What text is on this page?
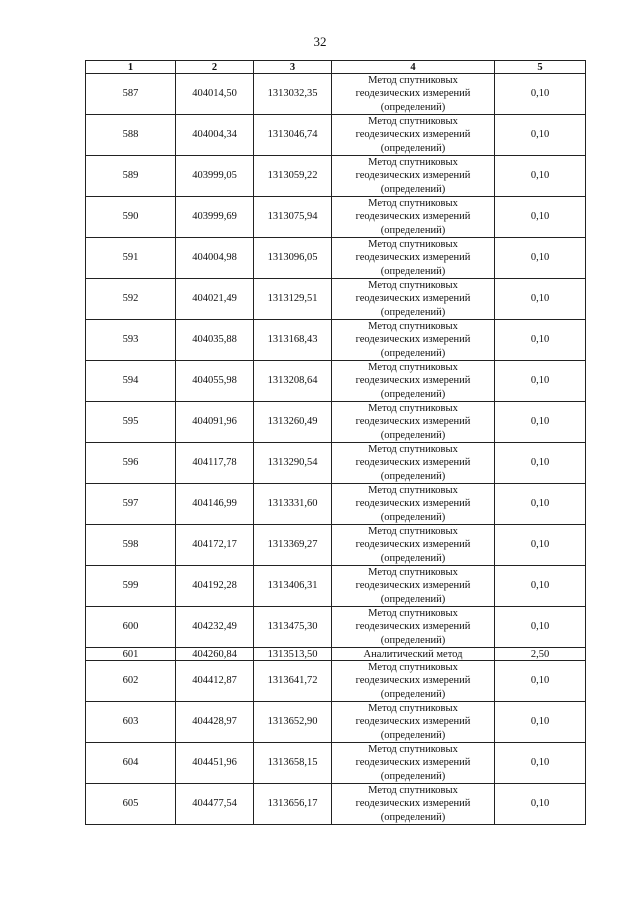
32
1	2	3	4	5
587	404014,50	1313032,35	Метод спутниковых
геодезических измерений
(определений)	0,10
588	404004,34	1313046,74	Метод спутниковых
геодезических измерений
(определений)	0,10
589	403999,05	1313059,22	Метод спутниковых
геодезических измерений
(определений)	0,10
590	403999,69	1313075,94	Метод спутниковых
геодезических измерений
(определений)	0,10
591	404004,98	1313096,05	Метод спутниковых
геодезических измерений
(определений)	0,10
592	404021,49	1313129,51	Метод спутниковых
геодезических измерений
(определений)	0,10
593	404035,88	1313168,43	Метод спутниковых
геодезических измерений
(определений)	0,10
594	404055,98	1313208,64	Метод спутниковых
геодезических измерений
(определений)	0,10
595	404091,96	1313260,49	Метод спутниковых
геодезических измерений
(определений)	0,10
596	404117,78	1313290,54	Метод спутниковых
геодезических измерений
(определений)	0,10
597	404146,99	1313331,60	Метод спутниковых
геодезических измерений
(определений)	0,10
598	404172,17	1313369,27	Метод спутниковых
геодезических измерений
(определений)	0,10
599	404192,28	1313406,31	Метод спутниковых
геодезических измерений
(определений)	0,10
600	404232,49	1313475,30	Метод спутниковых
геодезических измерений
(определений)	0,10
601	404260,84	1313513,50	Аналитический метод	2,50
602	404412,87	1313641,72	Метод спутниковых
геодезических измерений
(определений)	0,10
603	404428,97	1313652,90	Метод спутниковых
геодезических измерений
(определений)	0,10
604	404451,96	1313658,15	Метод спутниковых
геодезических измерений
(определений)	0,10
605	404477,54	1313656,17	Метод спутниковых
геодезических измерений
(определений)	0,10
